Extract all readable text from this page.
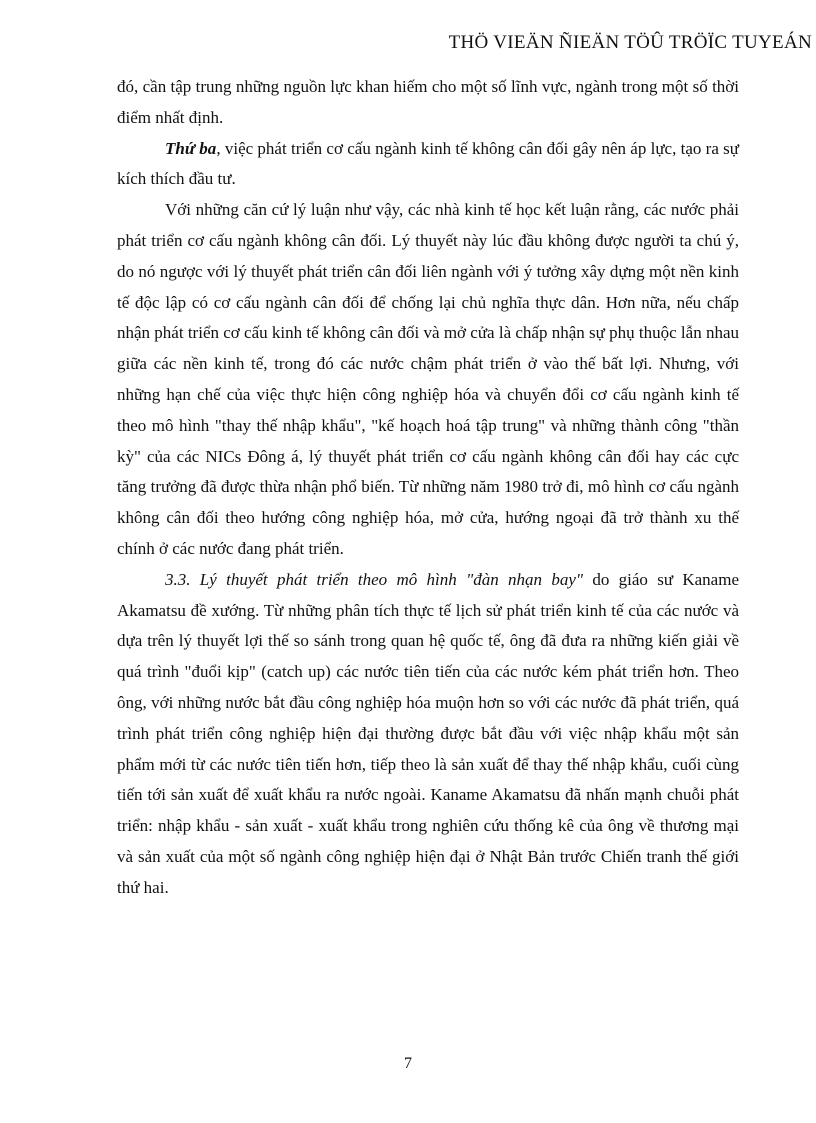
THÖ VIEÄN ÑIEÄN TÖÛ TRÖÏC TUYEÁN

đó, cần tập trung những nguồn lực khan hiếm cho một số lĩnh vực, ngành trong một số thời điểm nhất định.

Thứ ba, việc phát triển cơ cấu ngành kinh tế không cân đối gây nên áp lực, tạo ra sự kích thích đầu tư.

Với những căn cứ lý luận như vậy, các nhà kinh tế học kết luận rằng, các nước phải phát triển cơ cấu ngành không cân đối. Lý thuyết này lúc đầu không được người ta chú ý, do nó ngược với lý thuyết phát triển cân đối liên ngành với ý tưởng xây dựng một nền kinh tế độc lập có cơ cấu ngành cân đối để chống lại chủ nghĩa thực dân. Hơn nữa, nếu chấp nhận phát triển cơ cấu kinh tế không cân đối và mở cửa là chấp nhận sự phụ thuộc lẫn nhau giữa các nền kinh tế, trong đó các nước chậm phát triển ở vào thế bất lợi. Nhưng, với những hạn chế của việc thực hiện công nghiệp hóa và chuyển đổi cơ cấu ngành kinh tế theo mô hình "thay thế nhập khẩu", "kế hoạch hoá tập trung" và những thành công "thần kỳ" của các NICs Đông á, lý thuyết phát triển cơ cấu ngành không cân đối hay các cực tăng trưởng đã được thừa nhận phổ biến. Từ những năm 1980 trở đi, mô hình cơ cấu ngành không cân đối theo hướng công nghiệp hóa, mở cửa, hướng ngoại đã trở thành xu thế chính ở các nước đang phát triển.

3.3. Lý thuyết phát triển theo mô hình "đàn nhạn bay" do giáo sư Kaname Akamatsu đề xướng. Từ những phân tích thực tế lịch sử phát triển kinh tế của các nước và dựa trên lý thuyết lợi thế so sánh trong quan hệ quốc tế, ông đã đưa ra những kiến giải về quá trình "đuổi kịp" (catch up) các nước tiên tiến của các nước kém phát triển hơn. Theo ông, với những nước bắt đầu công nghiệp hóa muộn hơn so với các nước đã phát triển, quá trình phát triển công nghiệp hiện đại thường được bắt đầu với việc nhập khẩu một sản phẩm mới từ các nước tiên tiến hơn, tiếp theo là sản xuất để thay thế nhập khẩu, cuối cùng tiến tới sản xuất để xuất khẩu ra nước ngoài. Kaname Akamatsu đã nhấn mạnh chuỗi phát triển: nhập khẩu - sản xuất - xuất khẩu trong nghiên cứu thống kê của ông về thương mại và sản xuất của một số ngành công nghiệp hiện đại ở Nhật Bản trước Chiến tranh thế giới thứ hai.

7
